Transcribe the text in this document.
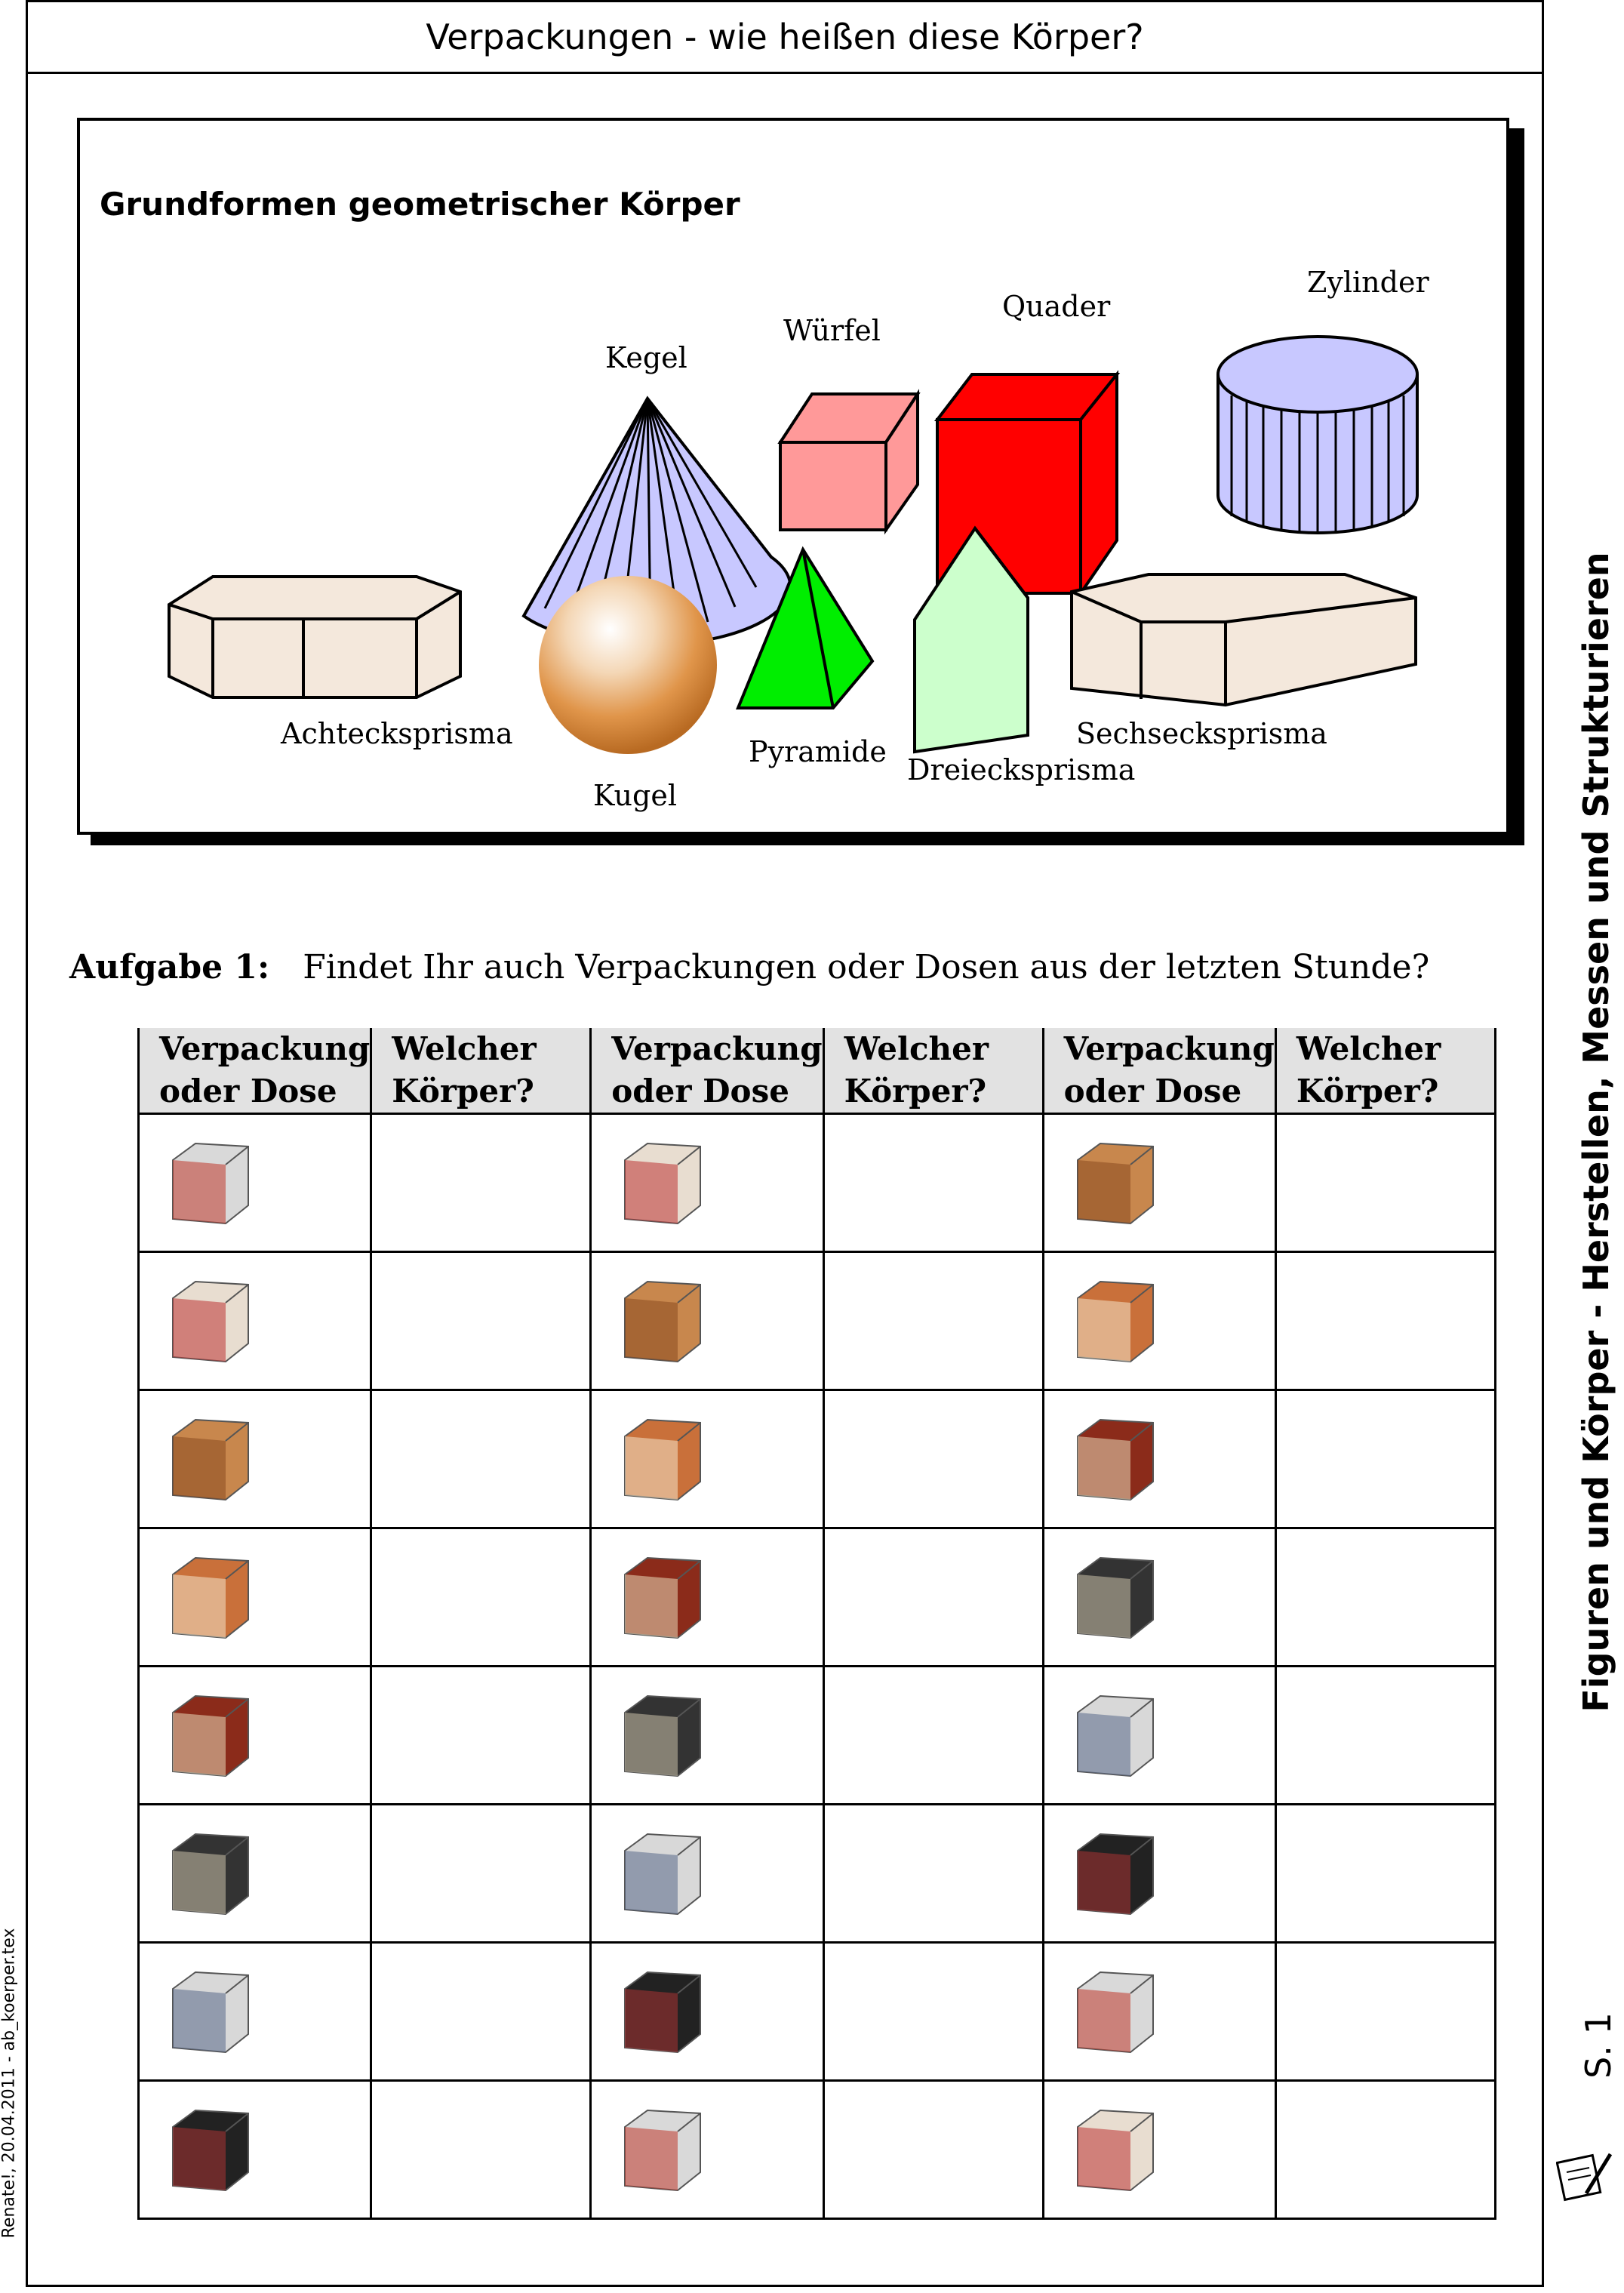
Verpackungen - wie heißen diese Körper?
Grundformen geometrischer Körper
Zylinder
Quader
Würfel
Kegel
Achtecksprisma
Kugel
Pyramide
Dreiecksprisma
Sechsecksprisma
Aufgabe 1: Findet Ihr auch Verpackungen oder Dosen aus der letzten Stunde?
Verpackung
oder Dose	Welcher
Körper?	Verpackung
oder Dose	Welcher
Körper?	Verpackung
oder Dose	Welcher
Körper?

		Figuren und Körper - Herstellen, Messen und Strukturieren
S. 1
Renate!, 20.04.2011 - ab_koerper.tex
